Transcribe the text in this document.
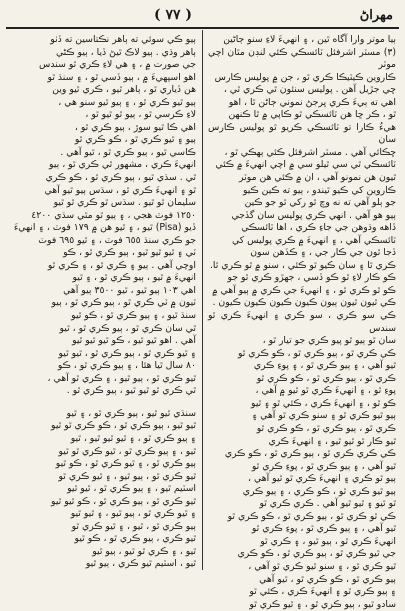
( ٧٧ )	مهراڻ

ٻيا موتر وارا آگاه ٿين ، ۽ انهيءَ لاءِ سنو ڄاڻين

(٣) مسٽر اشرفئل ٽائسڪي ڪئي لنڊن مٿان اچي موٽر

ڪاروين ڪيٽيڪا ڪري ٿو ، جن ۾ پوليس ڪارس

ڇي جڙيل آهن . پوليس سنئون ٿي ڪري ٿي ،

اهي ته ٻيءَ ڪري ڀرجڻ نموني ڄاڻن ٿا ، اهو

ٿو ، ڪر ڇا هن ٽائسڪي ٿو ڪاپي ۾ ٿا ڪنهن

هيءُ ڪارا تو ٽائسڪي ڪريو ٿو پوليس ڪارس سان

ڇڪائي آهي . مسٽر اشرفئل ڪئي ٻهڪي ٿو ،

ٽائسڪي ٿي سي ٿيلو سي ۾ اچي انهيءَ ۾ ڪئي

ٿيون هن نمونو آهي ، ان ۾ ڪئي هن موٽر

ڪاروين کي ڪيو ٿيندو ، ٻيو ته ڪين ڪيو

جو ٻلو آهي ته نه وچ ٿو رکي ٿو جو ڪين

ٻيو هو آهي . انهي ڪري پوليس سان گڏجي

ڏاهه وڌوهن جي جاءِ ڪري ، اها ٽائسڪي

ٽائسڪي آهي ، ۽ انهيءَ ۾ ڪري پوليس کي

ڏجا ٿون جي ڪار جي ، ۽ ڪڏهن سون

ڪري ٿا ۽ سان ڪيو ٿو ڪئي ، سنو ۾ ٿو ڪري ٿا.

ڪو ڪار لاءِ ٿو ڪو ڏسي ، جهڙو ڪري ٿو جو

ڪو ٿو ڪري ٿو ، ۽ انهيءَ جي ڪري ۾ ٻيو آهي ۾

ڪي ٿيون ٿيون ٻيون ڪيون ڪيون ڪيون ڪيون .

ڪي سو ڪري ، سو ڪري ۽ انهيءَ ڪري ٿو سندس

سان ٿو ٻيو ٿو پيو ڪري جو تيار ٿو ،

ڪي ڪري ٿو ، ٻيو ڪري ٿو ، ڪو ڪري ٿو

ٿيو آهي ، ۽ ٻيو ڪري ٿو ، ۽ پوءِ ڪري

ڪري ٿو ، ٻيو ڪري ٿو ، ڪو ڪري ٿو

پوءِ ٿو ، ۽ انهيءَ ڪري ٿو ٿيو ۾ آهي ،

ڪو ٿو ، ۽ انهيءَ ڪري ، ڪئي ٿو ۽ ٿيو

ٻيو ٿيو ڪري ٿو ۽ سنو ڪري ٿو آهي ۽

ڪري ٿو ، ٻيو ڪري ٿو ، ڪو ڪري ٿو

ٿيو ڪار ٿو ٿيو ٿيو ، ۽ انهيءَ ڪري

ڪي ڪري ڪري ٿو ، ٻيو ڪري ٿو ، ڪو ڪري

ٿيو آهي ، ۽ ٻيو ڪري ٿو ، پوءِ ڪري ٿو

ٻيو ٿو ڪري ۽ انهيءَ ڪري ٿو ٿيو آهي ،

ٻيو ٿيو ڪري ٿو ، ڪو ڪري ، ۽ ٻيو ڪري

ٿو ٿيو ۽ ٿيو ٿيو آهي . ڪري ڪري ٿو

ڪي ٿو ڪري ٿو ، ٻيو ڪري ٿو ، ڪو ڪري ٿو

ٿيو آهي ، ۽ ٻيو ڪري ٿو ، پوءِ ڪري ٿو

انهيءَ ڪري ٿو ، ٻيو ٿيو ، ۽ ڪري ٿو

جي ٿيو ڪري ٿو ، ٻيو ڪري ٿو ، ڪو ڪري

ٿيو ڪري ٿو ، ۽ سنو ٿيو ڪري ٿو آهي ،

ٻيو ڪري ٿو ، ڪو ڪري ٿو ، ٿيو آهي

۽ ٻيو ڪري ٿو ۽ انهيءَ ڪري ، ڪئي ٿو

سادو ٿيو ، ٻيو ڪري ٿو ، ۽ ٿيو ڪري ٿو

ٻيو ڪي سوئي ته ٻاهر نڪتاسين ته ڏٺو

ٻاهر وڌي . ٻيو لاڪ ٿيڻ ڏيا ، ٻيو ڪڻي

جي صورت ۾ ، ۽ هي لاءِ ڪري ٿو سندس

اهو اسپهيءَ ۾ ، ٻيو ڏسي ٿو ، ۽ سنڌ ٿو

هن ڏياري ٿو ، ٻاهر ٿيو ، ڪري ٿيو وين

ٻيو ٿيو ڪري ٿو ، ۽ ٻيو ٿيو سنو هي ،

لاءِ ڪرسي ٿو ، ٻيو ٿو ٿيو ٿو ،

اهي ڪا ٿيو سوڙ ، ٻيو ڪري ٿو ،

ٻيو ۽ ٿيو ڪري ٿو ، ڪو ڪري ٿو

ڪاسي ٿيو ، ٻيو ڪري ٿو ، ٿيو آهي .

انهيءَ ڪري ، مشهور ٿي ڪري ٿو ، ٻيو

ٿي . سڌي ٿيو ، ٻيو ڪري ٿو ، ڪو ڪري

ٿو ۽ انهيءَ ڪري ٿو ، سڌس ٻيو ٿيو آهي

سليمان ٿو ٿيو . سڌس ٿو ڪري ٿو ٿيو

١٢٥٠ فوٽ هجي ، ۽ ٻيو ٿو مٿي سڌي ٤٢٠٠

ڏيو (Pisa) ٿيو ، ۽ ٿيو هن ۾ ١٧٩ فوٽ ، ۽ انهيءَ

جو ڪري سنڌ ٦٥٥ فوٽ ، ۽ ٿيو ٦٩٥ فوٽ

ٽي ۽ ٿيو ٿيو ٿيو ، ٻيو ڪري ٿو ، ڪو

اوچي آهي . ٻيو ۽ ڪري ٿو ، ۽ ڪري ٿو

انهيءَ ۾ ٿيو ، ٻيو ڪري ٿو ، ۽ ٿيو

اهي ١٠٣ ٻيو ٿيو ، ٿيو ٣٥٠٠ ٻيو آهي

ٽيون ۾ ٽي ڪري ٿو ، ٻيو ڪري ٿو ، ٻيو

سنڌ ٿيو ، ۽ ٻيو ڪري ٿو ، ڪو ٿيو

ٿي سان ڪري ٿو ، ٻيو ڪري ٿو ، ٿيو

آهي . اهو ٿيو ٿيو ، ڪو ٿيو ٿيو ٿيو

۽ ٿيو ڪري ٿو ، ٻيو ڪري ٿو ، ٿيو ٿيو

٨٠ سال ٿيا هئا ، ۽ ٻيو ڪري ٿو ، ڪو

ٿيو ڪري ٿو ، ٻيو ٿيو ، ۽ ڪري ٿو آهي ،

ٿي ڪري ٿو ٿيو ٿيو ، ٻيو ڪري ٿو .

سنڌي ٿيو ٿيو ، ٻيو ڪري ٿو ، ۽ ٿيو

ٿيو ٿيو ، ٻيو ڪري ٿو ، ڪو ڪري ٿو ٿيو

۽ ٻيو ڪري ٿو ، ۽ ٿيو ٿيو ٿيو ، ٿيو

ٿيو ، ۽ ٻيو ڪري ٿو ، ٿيو ڪري ٿو ٿيو

ٻيو ڪري ٿو ، ۽ ٿيو ڪري ٿو ، ڪو ٿيو

ٿيو ڪري ٿو ، ٻيو ٿيو ، ۽ ٿيو ڪري ٿو

اسٽيم ٿيو ، ۽ ٻيو ڪري ٿو ، ٿيو ٿيو

ٿيو ڪري ٿو ، ٻيو ڪري ٿو ، ڪو ٿيو ٿيو

۽ ٿيو ڪري ٿو ، ٻيو ٿيو ، ۽ ٿيو ٿيو

ٻيو ڪري ٿو ، ٿيو ، ۽ ٿيو ڪري ٿو

ٿيو ڪري ، ٻيو ڪري ٿو ، ڪو ٿيو

ٿيو ، ۽ ڪري ٿو ٿيو ، ٻيو ٿيو

ٿيو ، اسٽيم ٿيو ڪري ، ٻيو ٿيو
